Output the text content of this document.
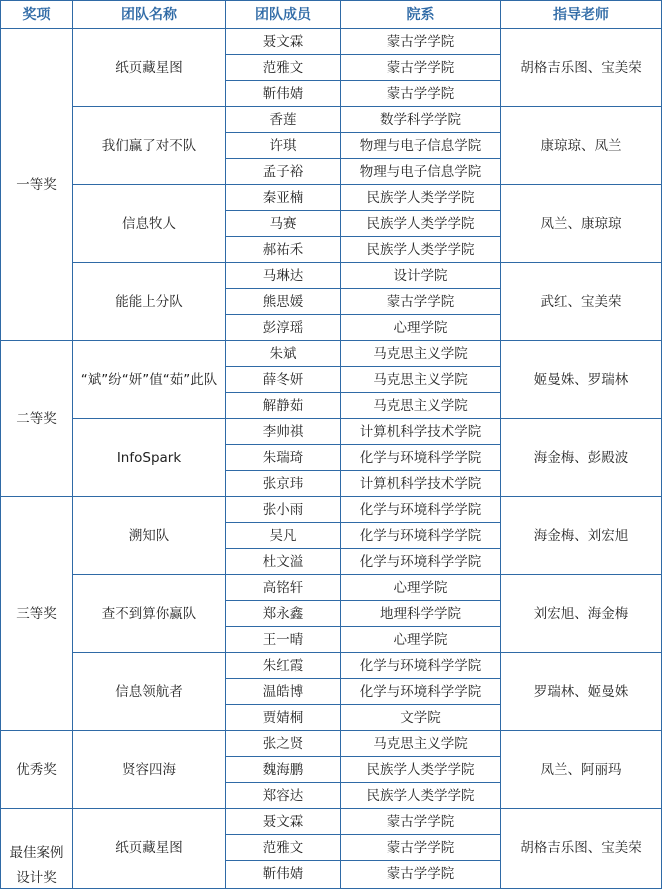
奖项	团队名称	团队成员	院系	指导老师
一等奖	纸页藏星图	聂文霖	蒙古学学院	胡格吉乐图、宝美荣
		范雅文	蒙古学学院	
		靳伟婧	蒙古学学院	
	我们赢了对不队	香莲	数学科学学院	康琼琼、凤兰
		许琪	物理与电子信息学院	
		孟子裕	物理与电子信息学院	
	信息牧人	秦亚楠	民族学人类学学院	凤兰、康琼琼
		马赛	民族学人类学学院	
		郝祐禾	民族学人类学学院	
	能能上分队	马琳达	设计学院	武红、宝美荣
		熊思媛	蒙古学学院	
		彭淳瑶	心理学院	
二等奖	“斌”纷“妍”值“茹”此队	朱斌	马克思主义学院	姬曼姝、罗瑞林
		薛冬妍	马克思主义学院	
		解静茹	马克思主义学院	
	InfoSpark	李帅祺	计算机科学技术学院	海金梅、彭殿波
		朱瑞琦	化学与环境科学学院	
		张京玮	计算机科学技术学院	
三等奖	溯知队	张小雨	化学与环境科学学院	海金梅、刘宏旭
		吴凡	化学与环境科学学院	
		杜文溢	化学与环境科学学院	
	查不到算你赢队	高铭轩	心理学院	刘宏旭、海金梅
		郑永鑫	地理科学学院	
		王一晴	心理学院	
	信息领航者	朱红霞	化学与环境科学学院	罗瑞林、姬曼姝
		温皓博	化学与环境科学学院	
		贾婧桐	文学院	
优秀奖	贤容四海	张之贤	马克思主义学院	凤兰、阿丽玛
		魏海鹏	民族学人类学学院	
		郑容达	民族学人类学学院	
最佳案例	纸页藏星图	聂文霖	蒙古学学院	胡格吉乐图、宝美荣
		范雅文	蒙古学学院	
设计奖		靳伟婧	蒙古学学院	
